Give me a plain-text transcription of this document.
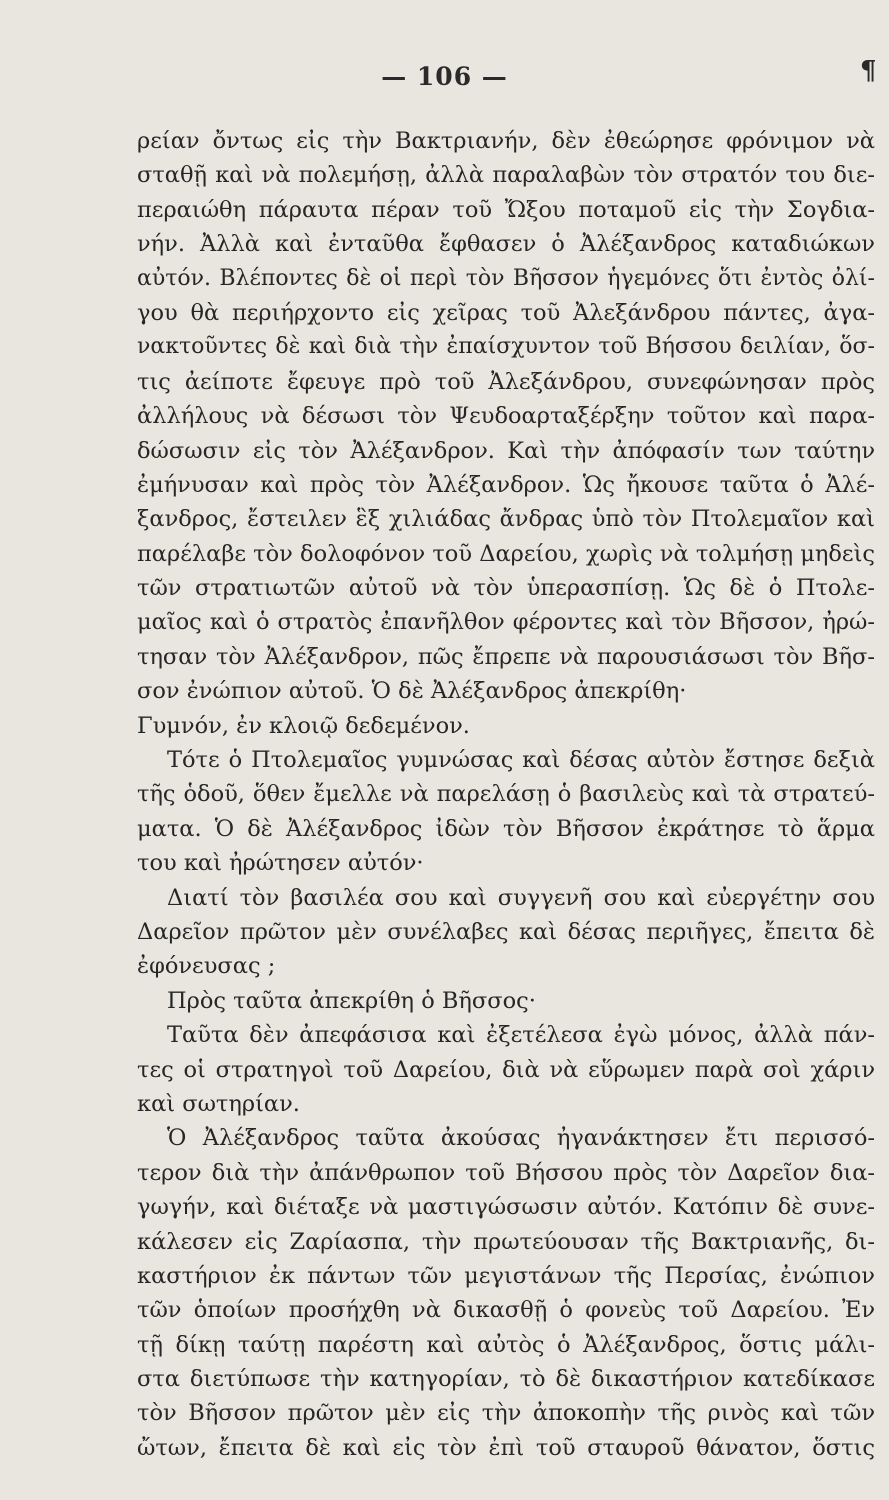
— 106 —	¶
ρείαν ὄντως εἰς τὴν Βακτριανήν, δὲν ἐθεώρησε φρόνιμον νὰ
σταθῇ καὶ νὰ πολεμήσῃ, ἀλλὰ παραλαβὼν τὸν στρατόν του διε-
περαιώθη πάραυτα πέραν τοῦ Ὤξου ποταμοῦ εἰς τὴν Σογδια-
νήν. Ἀλλὰ καὶ ἐνταῦθα ἔφθασεν ὁ Ἀλέξανδρος καταδιώκων
αὐτόν. Βλέποντες δὲ οἱ περὶ τὸν Βῆσσον ἡγεμόνες ὅτι ἐντὸς ὀλί-
γου θὰ περιήρχοντο εἰς χεῖρας τοῦ Ἀλεξάνδρου πάντες, ἀγα-
νακτοῦντες δὲ καὶ διὰ τὴν ἐπαίσχυντον τοῦ Βήσσου δειλίαν, ὅσ-
τις ἀείποτε ἔφευγε πρὸ τοῦ Ἀλεξάνδρου, συνεφώνησαν πρὸς
ἀλλήλους νὰ δέσωσι τὸν Ψευδοαρταξέρξην τοῦτον καὶ παρα-
δώσωσιν εἰς τὸν Ἀλέξανδρον. Καὶ τὴν ἀπόφασίν των ταύτην
ἐμήνυσαν καὶ πρὸς τὸν Ἀλέξανδρον. Ὡς ἤκουσε ταῦτα ὁ Ἀλέ-
ξανδρος, ἔστειλεν ἓξ χιλιάδας ἄνδρας ὑπὸ τὸν Πτολεμαῖον καὶ
παρέλαβε τὸν δολοφόνον τοῦ Δαρείου, χωρὶς νὰ τολμήσῃ μηδεὶς
τῶν στρατιωτῶν αὐτοῦ νὰ τὸν ὑπερασπίσῃ. Ὡς δὲ ὁ Πτολε-
μαῖος καὶ ὁ στρατὸς ἐπανῆλθον φέροντες καὶ τὸν Βῆσσον, ἠρώ-
τησαν τὸν Ἀλέξανδρον, πῶς ἔπρεπε νὰ παρουσιάσωσι τὸν Βῆσ-
σον ἐνώπιον αὐτοῦ. Ὁ δὲ Ἀλέξανδρος ἀπεκρίθη·
Γυμνόν, ἐν κλοιῷ δεδεμένον.
Τότε ὁ Πτολεμαῖος γυμνώσας καὶ δέσας αὐτὸν ἔστησε δεξιὰ
τῆς ὁδοῦ, ὅθεν ἔμελλε νὰ παρελάσῃ ὁ βασιλεὺς καὶ τὰ στρατεύ-
ματα. Ὁ δὲ Ἀλέξανδρος ἰδὼν τὸν Βῆσσον ἐκράτησε τὸ ἅρμα
του καὶ ἠρώτησεν αὐτόν·
Διατί τὸν βασιλέα σου καὶ συγγενῆ σου καὶ εὐεργέτην σου
Δαρεῖον πρῶτον μὲν συνέλαβες καὶ δέσας περιῆγες, ἔπειτα δὲ
ἐφόνευσας ;
Πρὸς ταῦτα ἀπεκρίθη ὁ Βῆσσος·
Ταῦτα δὲν ἀπεφάσισα καὶ ἐξετέλεσα ἐγὼ μόνος, ἀλλὰ πάν-
τες οἱ στρατηγοὶ τοῦ Δαρείου, διὰ νὰ εὕρωμεν παρὰ σοὶ χάριν
καὶ σωτηρίαν.
Ὁ Ἀλέξανδρος ταῦτα ἀκούσας ἠγανάκτησεν ἔτι περισσό-
τερον διὰ τὴν ἀπάνθρωπον τοῦ Βήσσου πρὸς τὸν Δαρεῖον δια-
γωγήν, καὶ διέταξε νὰ μαστιγώσωσιν αὐτόν. Κατόπιν δὲ συνε-
κάλεσεν εἰς Ζαρίασπα, τὴν πρωτεύουσαν τῆς Βακτριανῆς, δι-
καστήριον ἐκ πάντων τῶν μεγιστάνων τῆς Περσίας, ἐνώπιον
τῶν ὁποίων προσήχθη νὰ δικασθῇ ὁ φονεὺς τοῦ Δαρείου. Ἐν
τῇ δίκῃ ταύτῃ παρέστη καὶ αὐτὸς ὁ Ἀλέξανδρος, ὅστις μάλι-
στα διετύπωσε τὴν κατηγορίαν, τὸ δὲ δικαστήριον κατεδίκασε
τὸν Βῆσσον πρῶτον μὲν εἰς τὴν ἀποκοπὴν τῆς ρινὸς καὶ τῶν
ὤτων, ἔπειτα δὲ καὶ εἰς τὸν ἐπὶ τοῦ σταυροῦ θάνατον, ὅστις
